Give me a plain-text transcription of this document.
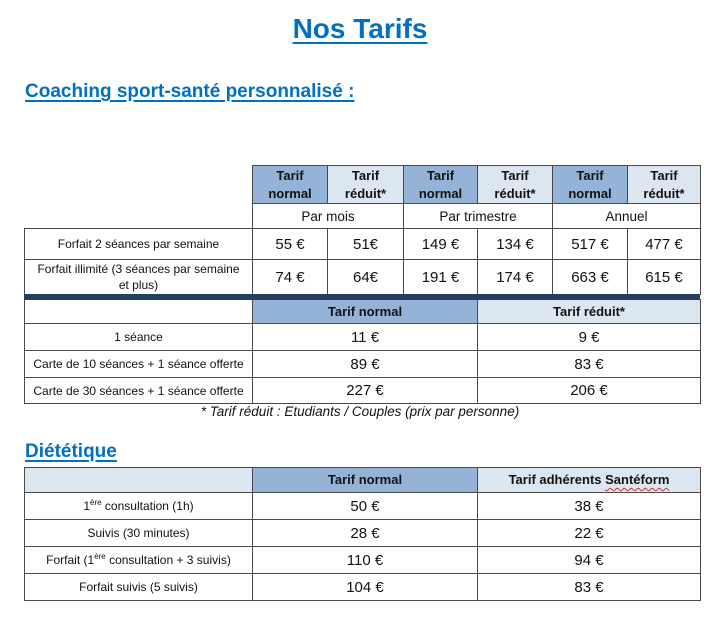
Nos Tarifs
Coaching sport-santé personnalisé :
	Tarif normal	Tarif réduit*	Tarif normal	Tarif réduit*	Tarif normal	Tarif réduit*
	Par mois		Par trimestre		Annuel	
Forfait 2 séances par semaine	55 €	51€	149 €	134 €	517 €	477 €
Forfait illimité (3 séances par semaine et plus)	74 €	64€	191 €	174 €	663 €	615 €
	Tarif normal	Tarif réduit*
1 séance	11 €	9 €
Carte de 10 séances + 1 séance offerte	89 €	83 €
Carte de 30 séances + 1 séance offerte	227 €	206 €
* Tarif réduit : Etudiants / Couples (prix par personne)
Diététique
	Tarif normal	Tarif adhérents Santéform
1ère consultation (1h)	50 €	38 €
Suivis (30 minutes)	28 €	22 €
Forfait (1ère consultation + 3 suivis)	110 €	94 €
Forfait suivis (5 suivis)	104 €	83 €
